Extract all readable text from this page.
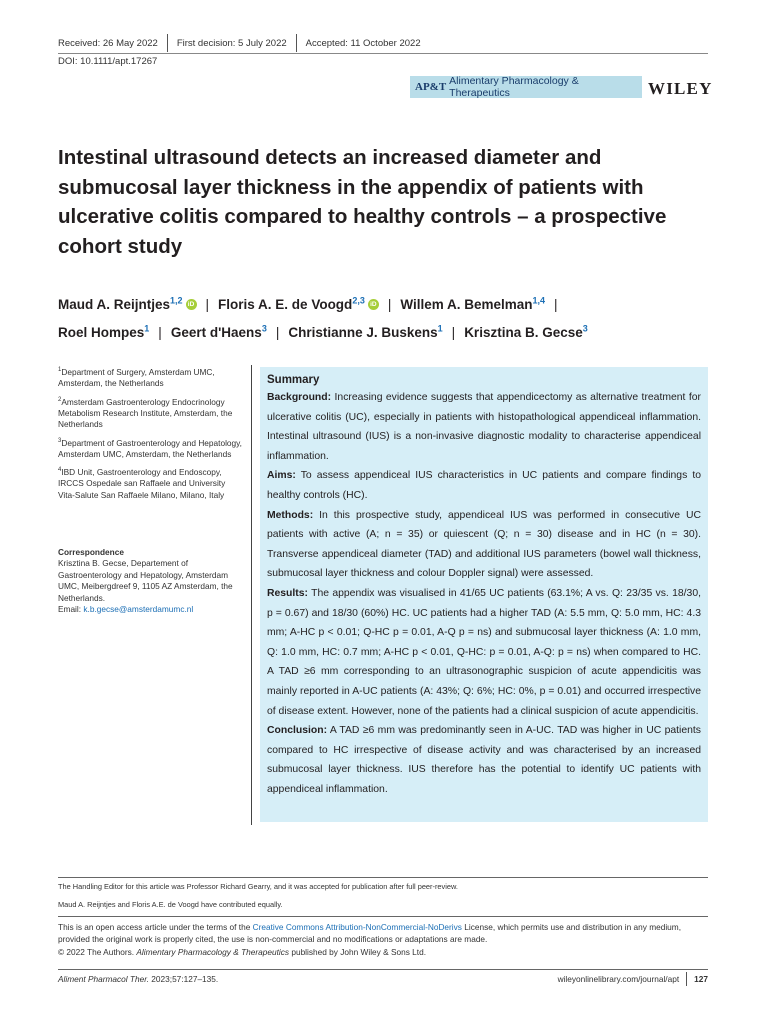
Received: 26 May 2022 First decision: 5 July 2022 Accepted: 11 October 2022
DOI: 10.1111/apt.17267
AP&T Alimentary Pharmacology & Therapeutics	WILEY
Intestinal ultrasound detects an increased diameter and submucosal layer thickness in the appendix of patients with ulcerative colitis compared to healthy controls – a prospective cohort study
Maud A. Reijntjes$^{1,2}$ iD | Floris A. E. de Voogd$^{2,3}$ iD | Willem A. Bemelman$^{1,4}$ |
Roel Hompes$^1$ | Geert d'Haens$^3$ | Christianne J. Buskens$^1$ | Krisztina B. Gecse$^3$

$^1$Department of Surgery, Amsterdam UMC, Amsterdam, the Netherlands

$^2$Amsterdam Gastroenterology Endocrinology Metabolism Research Institute, Amsterdam, the Netherlands

$^3$Department of Gastroenterology and Hepatology, Amsterdam UMC, Amsterdam, the Netherlands

$^4$IBD Unit, Gastroenterology and Endoscopy, IRCCS Ospedale san Raffaele and University Vita-Salute San Raffaele Milano, Milano, Italy

Correspondence
Krisztina B. Gecse, Departement of Gastroenterology and Hepatology, Amsterdam UMC, Meibergdreef 9, 1105 AZ Amsterdam, the Netherlands.
Email: k.b.gecse@amsterdamumc.nl
Summary

Background: Increasing evidence suggests that appendicectomy as alternative treatment for ulcerative colitis (UC), especially in patients with histopathological appendiceal inflammation. Intestinal ultrasound (IUS) is a non-invasive diagnostic modality to characterise appendiceal inflammation.

Aims: To assess appendiceal IUS characteristics in UC patients and compare findings to healthy controls (HC).

Methods: In this prospective study, appendiceal IUS was performed in consecutive UC patients with active (A; n = 35) or quiescent (Q; n = 30) disease and in HC (n = 30). Transverse appendiceal diameter (TAD) and additional IUS parameters (bowel wall thickness, submucosal layer thickness and colour Doppler signal) were assessed.

Results: The appendix was visualised in 41/65 UC patients (63.1%; A vs. Q: 23/35 vs. 18/30, p = 0.67) and 18/30 (60%) HC. UC patients had a higher TAD (A: 5.5 mm, Q: 5.0 mm, HC: 4.3 mm; A-HC p < 0.01; Q-HC p = 0.01, A-Q p = ns) and submucosal layer thickness (A: 1.0 mm, Q: 1.0 mm, HC: 0.7 mm; A-HC p < 0.01, Q-HC: p = 0.01, A-Q: p = ns) when compared to HC. A TAD ≥6 mm corresponding to an ultrasonographic suspicion of acute appendicitis was mainly reported in A-UC patients (A: 43%; Q: 6%; HC: 0%, p = 0.01) and occurred irrespective of disease extent. However, none of the patients had a clinical suspicion of acute appendicitis.

Conclusion: A TAD ≥6 mm was predominantly seen in A-UC. TAD was higher in UC patients compared to HC irrespective of disease activity and was characterised by an increased submucosal layer thickness. IUS therefore has the potential to identify UC patients with appendiceal inflammation.

The Handling Editor for this article was Professor Richard Gearry, and it was accepted for publication after full peer-review.
Maud A. Reijntjes and Floris A.E. de Voogd have contributed equally.
This is an open access article under the terms of the Creative Commons Attribution-NonCommercial-NoDerivs License, which permits use and distribution in any medium, provided the original work is properly cited, the use is non-commercial and no modifications or adaptations are made.
© 2022 The Authors. Alimentary Pharmacology & Therapeutics published by John Wiley & Sons Ltd.
Aliment Pharmacol Ther. 2023;57:127–135.	wileyonlinelibrary.com/journal/apt 127
